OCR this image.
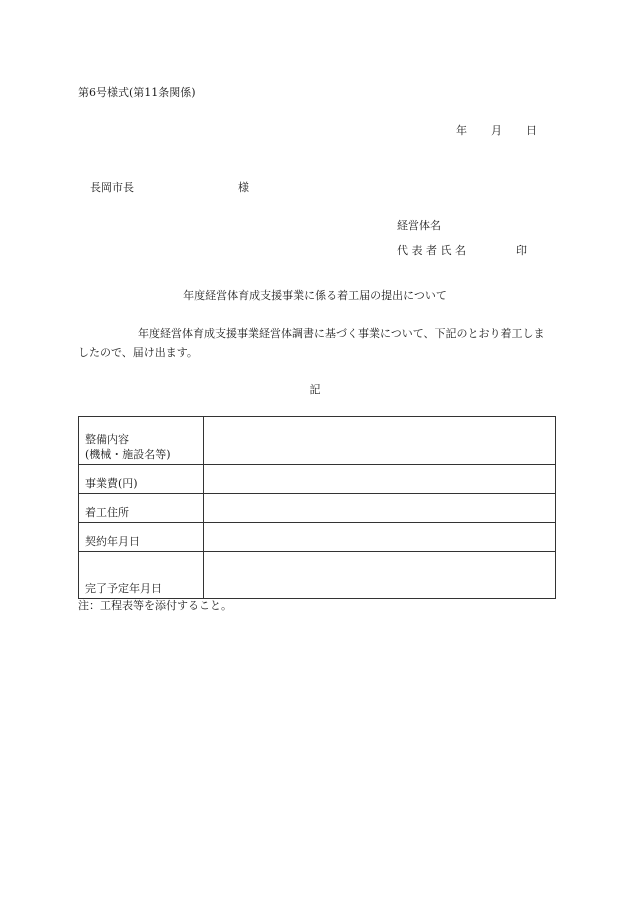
第6号様式(第11条関係)
年 月 日
長岡市長	様
経営体名
代 表 者 氏 名	印
年度経営体育成支援事業に係る着工届の提出について
年度経営体育成支援事業経営体調書に基づく事業について、下記のとおり着工しましたので、届け出ます。
記
整備内容
(機械・施設名等)	

事業費(円)	

着工住所	

契約年月日	

完了予定年月日	

注：工程表等を添付すること。
